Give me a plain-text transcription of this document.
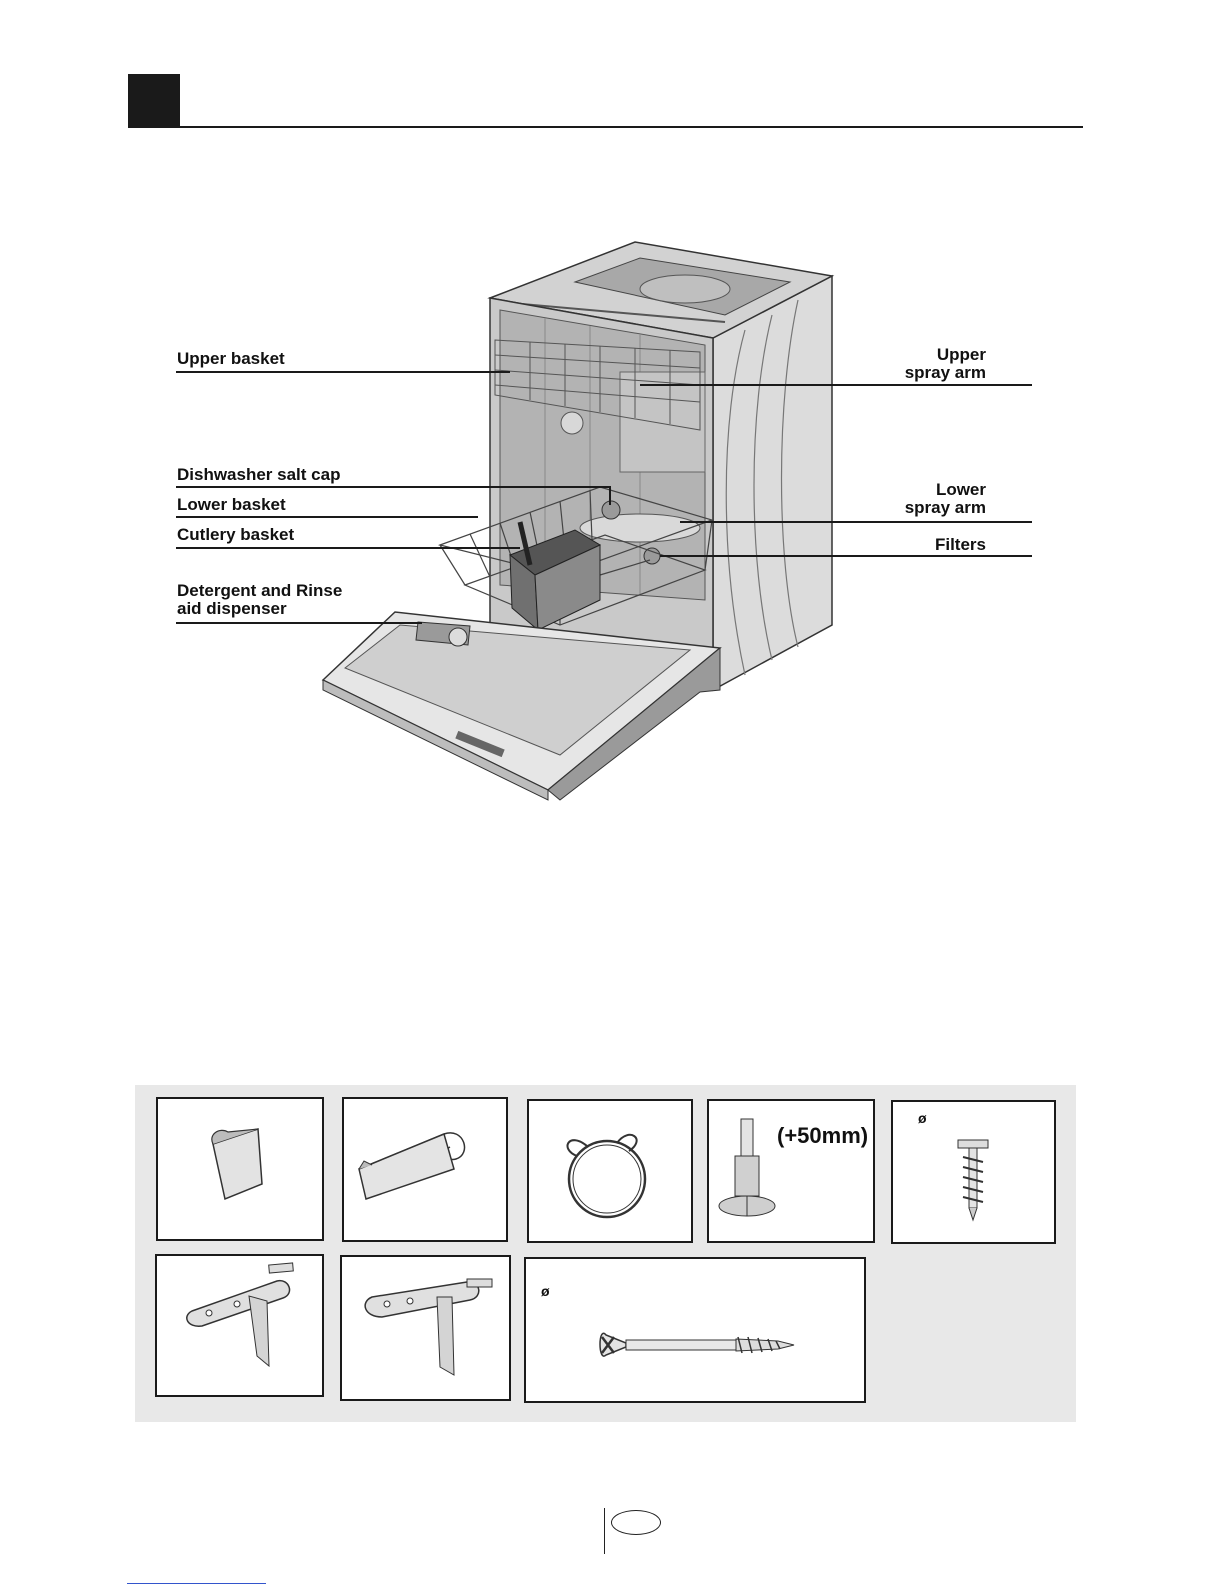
Upper basket
Dishwasher salt cap
Lower basket
Cutlery basket
Detergent and Rinse
aid dispenser
Upper
spray arm
Lower
spray arm
Filters
(+50mm)
ø
ø
